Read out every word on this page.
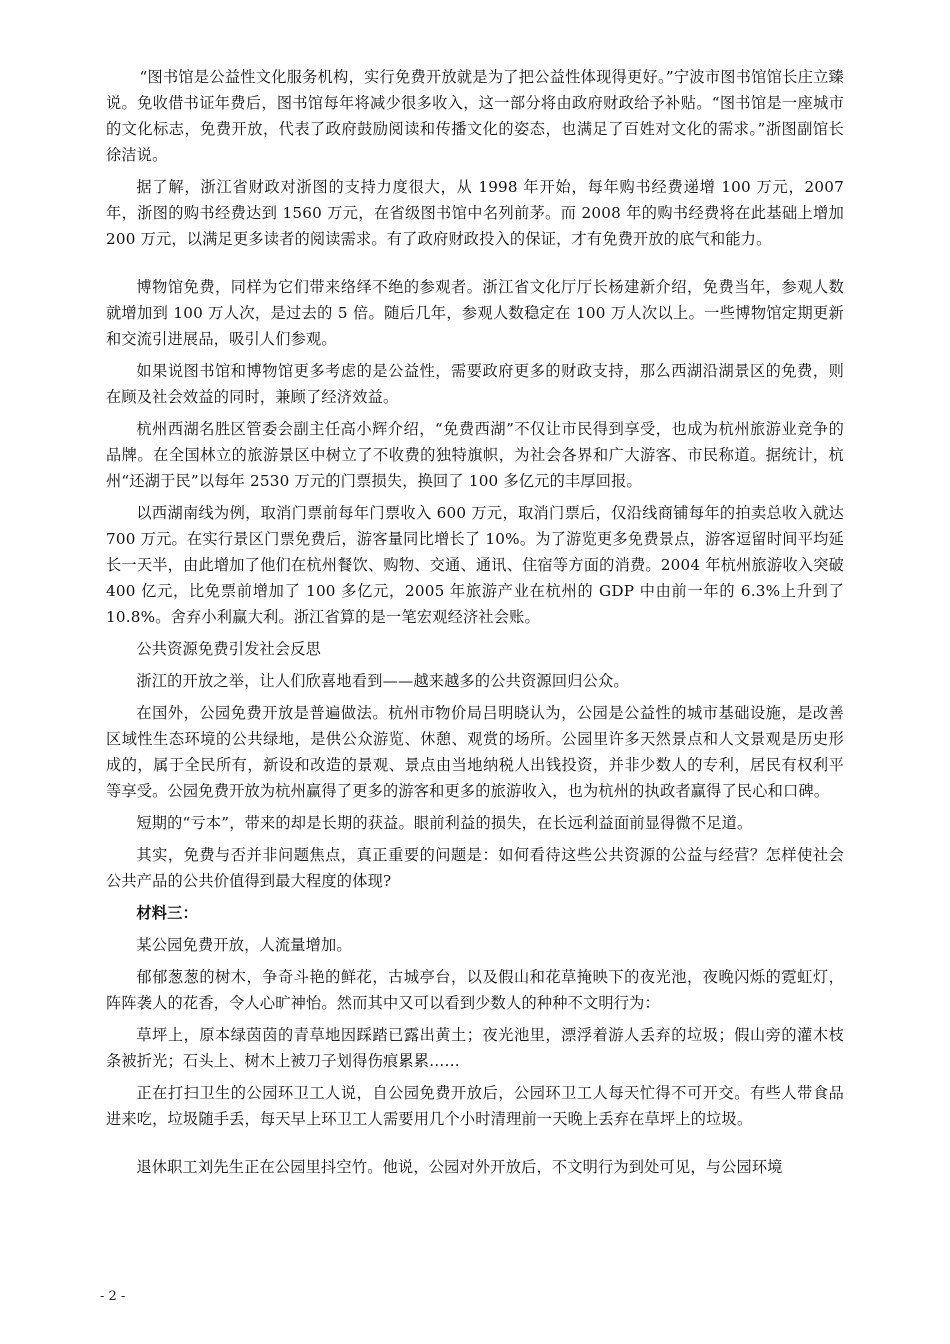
“图书馆是公益性文化服务机构，实行免费开放就是为了把公益性体现得更好。”宁波市图书馆馆长庄立臻说。免收借书证年费后，图书馆每年将减少很多收入，这一部分将由政府财政给予补贴。“图书馆是一座城市的文化标志，免费开放，代表了政府鼓励阅读和传播文化的姿态，也满足了百姓对文化的需求。”浙图副馆长徐洁说。

据了解，浙江省财政对浙图的支持力度很大，从 1998 年开始，每年购书经费递增 100 万元，2007 年，浙图的购书经费达到 1560 万元，在省级图书馆中名列前茅。而 2008 年的购书经费将在此基础上增加 200 万元，以满足更多读者的阅读需求。有了政府财政投入的保证，才有免费开放的底气和能力。

博物馆免费，同样为它们带来络绎不绝的参观者。浙江省文化厅厅长杨建新介绍，免费当年，参观人数就增加到 100 万人次，是过去的 5 倍。随后几年，参观人数稳定在 100 万人次以上。一些博物馆定期更新和交流引进展品，吸引人们参观。

如果说图书馆和博物馆更多考虑的是公益性，需要政府更多的财政支持，那么西湖沿湖景区的免费，则在顾及社会效益的同时，兼顾了经济效益。

杭州西湖名胜区管委会副主任高小辉介绍，“免费西湖”不仅让市民得到享受，也成为杭州旅游业竞争的品牌。在全国林立的旅游景区中树立了不收费的独特旗帜，为社会各界和广大游客、市民称道。据统计，杭州“还湖于民”以每年 2530 万元的门票损失，换回了 100 多亿元的丰厚回报。

以西湖南线为例，取消门票前每年门票收入 600 万元，取消门票后，仅沿线商铺每年的拍卖总收入就达 700 万元。在实行景区门票免费后，游客量同比增长了 10%。为了游览更多免费景点，游客逗留时间平均延长一天半，由此增加了他们在杭州餐饮、购物、交通、通讯、住宿等方面的消费。2004 年杭州旅游收入突破 400 亿元，比免票前增加了 100 多亿元，2005 年旅游产业在杭州的 GDP 中由前一年的 6.3%上升到了 10.8%。舍弃小利赢大利。浙江省算的是一笔宏观经济社会账。

公共资源免费引发社会反思

浙江的开放之举，让人们欣喜地看到——越来越多的公共资源回归公众。

在国外，公园免费开放是普遍做法。杭州市物价局吕明晓认为，公园是公益性的城市基础设施，是改善区域性生态环境的公共绿地，是供公众游览、休憩、观赏的场所。公园里许多天然景点和人文景观是历史形成的，属于全民所有，新设和改造的景观、景点由当地纳税人出钱投资，并非少数人的专利，居民有权利平等享受。公园免费开放为杭州赢得了更多的游客和更多的旅游收入，也为杭州的执政者赢得了民心和口碑。

短期的“亏本”，带来的却是长期的获益。眼前利益的损失，在长远利益面前显得微不足道。

其实，免费与否并非问题焦点，真正重要的问题是：如何看待这些公共资源的公益与经营？怎样使社会公共产品的公共价值得到最大程度的体现?

材料三：

某公园免费开放，人流量增加。

郁郁葱葱的树木，争奇斗艳的鲜花，古城亭台，以及假山和花草掩映下的夜光池，夜晚闪烁的霓虹灯，阵阵袭人的花香，令人心旷神怡。然而其中又可以看到少数人的种种不文明行为：

草坪上，原本绿茵茵的青草地因踩踏已露出黄土；夜光池里，漂浮着游人丢弃的垃圾；假山旁的灌木枝条被折光；石头上、树木上被刀子划得伤痕累累……

正在打扫卫生的公园环卫工人说，自公园免费开放后，公园环卫工人每天忙得不可开交。有些人带食品进来吃，垃圾随手丢，每天早上环卫工人需要用几个小时清理前一天晚上丢弃在草坪上的垃圾。

退休职工刘先生正在公园里抖空竹。他说，公园对外开放后，不文明行为到处可见，与公园环境

- 2 -
